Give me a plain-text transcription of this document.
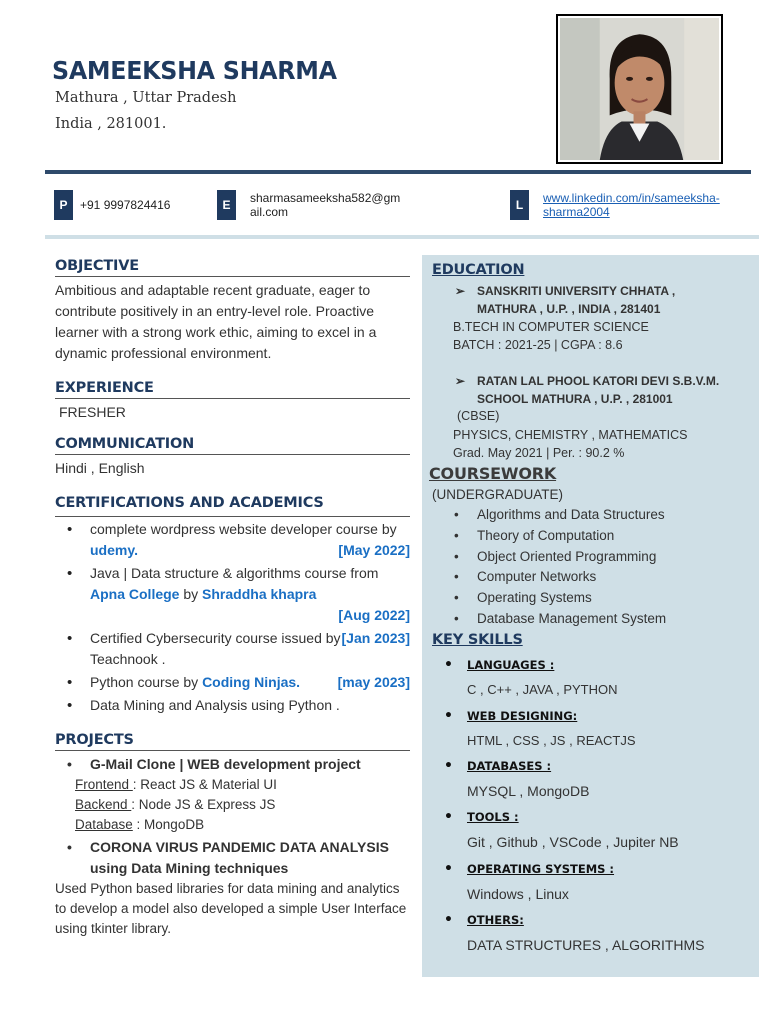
SAMEEKSHA SHARMA
Mathura , Uttar Pradesh
India , 281001.
P	+91 9997824416	E	sharmasameeksha582@gm
ail.com	L	www.linkedin.com/in/sameeksha-
sharma2004
OBJECTIVE
Ambitious and adaptable recent graduate, eager to contribute positively in an entry-level role. Proactive learner with a strong work ethic, aiming to excel in a dynamic professional environment.
EXPERIENCE
FRESHER
COMMUNICATION
Hindi , English
CERTIFICATIONS AND ACADEMICS
• complete wordpress website developer course by udemy.	[May 2022]
• Java | Data structure & algorithms course from Apna College by Shraddha khapra

[Aug 2022]
• Certified Cybersecurity course issued by Teachnook .
[Jan 2023]
• Python course by Coding Ninjas.	[may 2023]
• Data Mining and Analysis using Python .
PROJECTS
• G-Mail Clone | WEB development project
Frontend : React JS & Material UI
Backend : Node JS & Express JS
Database : MongoDB
• CORONA VIRUS PANDEMIC DATA ANALYSIS using Data Mining techniques
Used Python based libraries for data mining and analytics to develop a model also developed a simple User Interface using tkinter library.
EDUCATION
➢ SANSKRITI UNIVERSITY CHHATA ,
MATHURA , U.P. , INDIA , 281401
B.TECH IN COMPUTER SCIENCE
BATCH : 2021-25 | CGPA : 8.6
➢ RATAN LAL PHOOL KATORI DEVI S.B.V.M.
SCHOOL MATHURA , U.P. , 281001
(CBSE)
PHYSICS, CHEMISTRY , MATHEMATICS
Grad. May 2021 | Per. : 90.2 %
COURSEWORK
(UNDERGRADUATE)
• Algorithms and Data Structures
• Theory of Computation
• Object Oriented Programming
• Computer Networks
• Operating Systems
• Database Management System
KEY SKILLS
• LANGUAGES :
C , C++ , JAVA , PYTHON
• WEB DESIGNING:
HTML , CSS , JS , REACTJS
• DATABASES :
MYSQL , MongoDB
• TOOLS :
Git , Github , VSCode , Jupiter NB
• OPERATING SYSTEMS :
Windows , Linux
• OTHERS:
DATA STRUCTURES , ALGORITHMS
